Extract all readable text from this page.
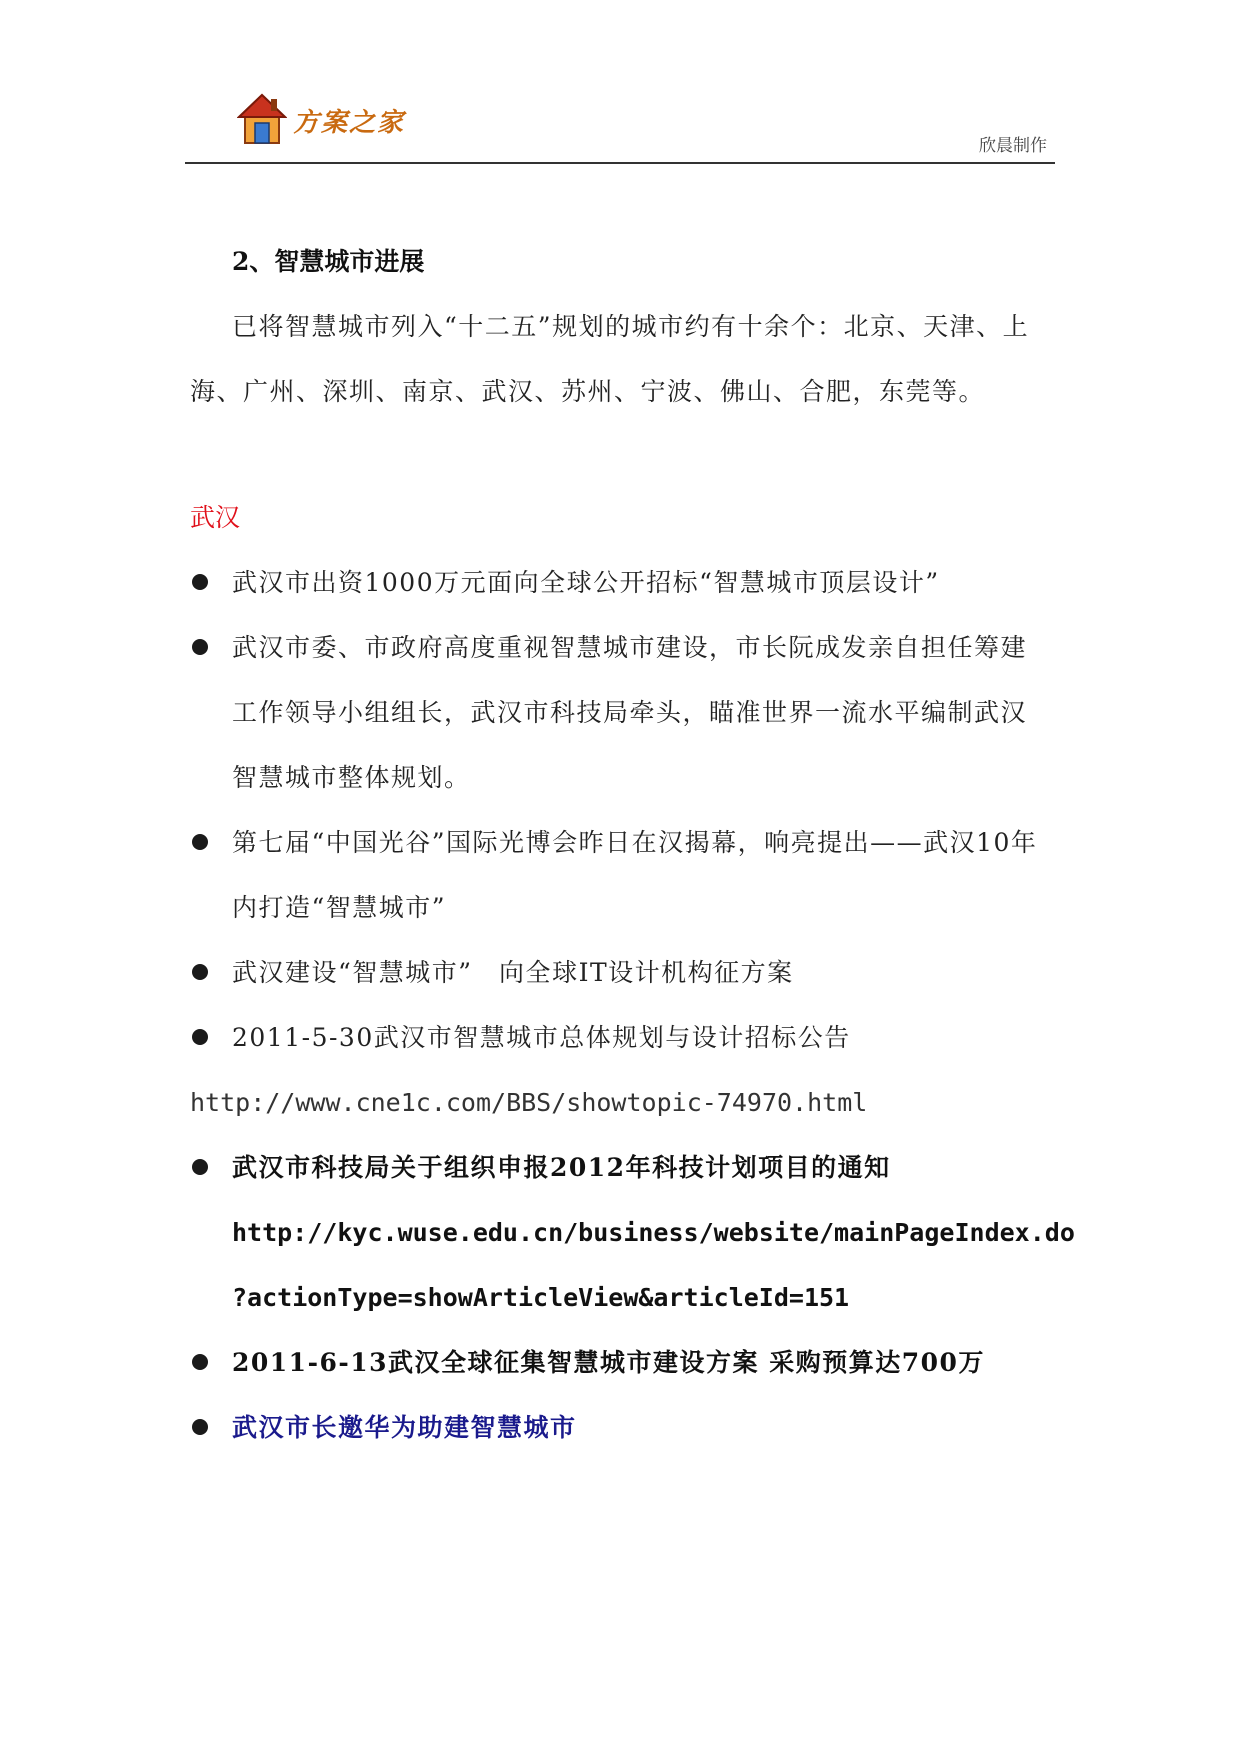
方案之家
欣晨制作
2、智慧城市进展

已将智慧城市列入“十二五”规划的城市约有十余个：北京、天津、上海、广州、深圳、南京、武汉、苏州、宁波、佛山、合肥，东莞等。

武汉
武汉市出资1000万元面向全球公开招标“智慧城市顶层设计”
武汉市委、市政府高度重视智慧城市建设，市长阮成发亲自担任筹建工作领导小组组长，武汉市科技局牵头，瞄准世界一流水平编制武汉智慧城市整体规划。
第七届“中国光谷”国际光博会昨日在汉揭幕，响亮提出——武汉10年内打造“智慧城市”
武汉建设“智慧城市”　向全球IT设计机构征方案
2011-5-30武汉市智慧城市总体规划与设计招标公告
http://www.cne1c.com/BBS/showtopic-74970.html
武汉市科技局关于组织申报2012年科技计划项目的通知
http://kyc.wuse.edu.cn/business/website/mainPageIndex.do
?actionType=showArticleView&articleId=151
2011-6-13武汉全球征集智慧城市建设方案 采购预算达700万
武汉市长邀华为助建智慧城市
